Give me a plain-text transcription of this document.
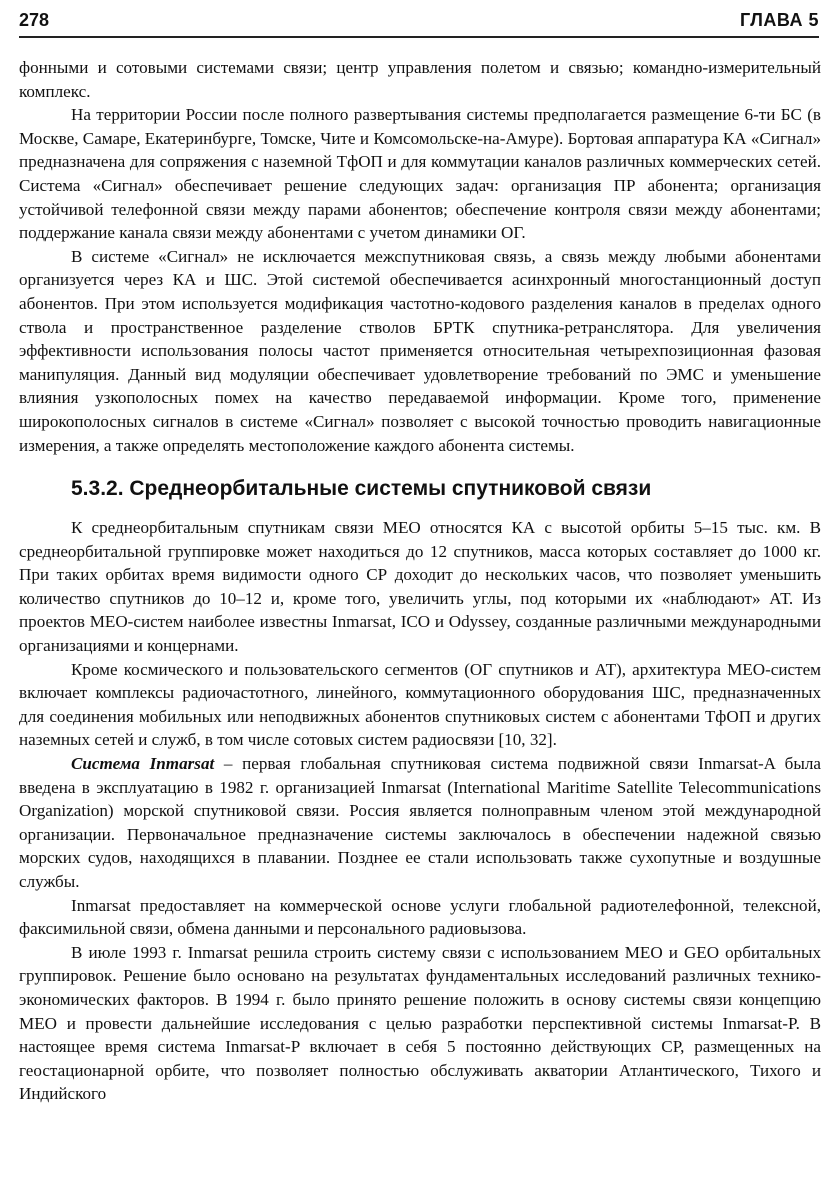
278	ГЛАВА 5

фонными и сотовыми системами связи; центр управления полетом и связью; командно-измерительный комплекс.

На территории России после полного развертывания системы предполагается размещение 6-ти БС (в Москве, Самаре, Екатеринбурге, Томске, Чите и Комсомольске-на-Амуре). Бортовая аппаратура КА «Сигнал» предназначена для сопряжения с наземной ТфОП и для коммутации каналов различных коммерческих сетей. Система «Сигнал» обеспечивает решение следующих задач: организация ПР абонента; организация устойчивой телефонной связи между парами абонентов; обеспечение контроля связи между абонентами; поддержание канала связи между абонентами с учетом динамики ОГ.

В системе «Сигнал» не исключается межспутниковая связь, а связь между любыми абонентами организуется через КА и ШС. Этой системой обеспечивается асинхронный многостанционный доступ абонентов. При этом используется модификация частотно-кодового разделения каналов в пределах одного ствола и пространственное разделение стволов БРТК спутника-ретранслятора. Для увеличения эффективности использования полосы частот применяется относительная четырехпозиционная фазовая манипуляция. Данный вид модуляции обеспечивает удовлетворение требований по ЭМС и уменьшение влияния узкополосных помех на качество передаваемой информации. Кроме того, применение широкополосных сигналов в системе «Сигнал» позволяет с высокой точностью проводить навигационные измерения, а также определять местоположение каждого абонента системы.

5.3.2. Среднеорбитальные системы спутниковой связи

К среднеорбитальным спутникам связи МЕО относятся КА с высотой орбиты 5–15 тыс. км. В среднеорбитальной группировке может находиться до 12 спутников, масса которых составляет до 1000 кг. При таких орбитах время видимости одного СР доходит до нескольких часов, что позволяет уменьшить количество спутников до 10–12 и, кроме того, увеличить углы, под которыми их «наблюдают» АТ. Из проектов МЕО-систем наиболее известны Inmarsat, ICO и Odyssey, созданные различными международными организациями и концернами.

Кроме космического и пользовательского сегментов (ОГ спутников и АТ), архитектура МЕО-систем включает комплексы радиочастотного, линейного, коммутационного оборудования ШС, предназначенных для соединения мобильных или неподвижных абонентов спутниковых систем с абонентами ТфОП и других наземных сетей и служб, в том числе сотовых систем радиосвязи [10, 32].

Система Inmarsat – первая глобальная спутниковая система подвижной связи Inmarsat-A была введена в эксплуатацию в 1982 г. организацией Inmarsat (International Maritime Satellite Telecommunications Organization) морской спутниковой связи. Россия является полноправным членом этой международной организации. Первоначальное предназначение системы заключалось в обеспечении надежной связью морских судов, находящихся в плавании. Позднее ее стали использовать также сухопутные и воздушные службы.

Inmarsat предоставляет на коммерческой основе услуги глобальной радиотелефонной, телексной, факсимильной связи, обмена данными и персонального радиовызова.

В июле 1993 г. Inmarsat решила строить систему связи с использованием МЕО и GEO орбитальных группировок. Решение было основано на результатах фундаментальных исследований различных технико-экономических факторов. В 1994 г. было принято решение положить в основу системы связи концепцию МЕО и провести дальнейшие исследования с целью разработки перспективной системы Inmarsat-P. В настоящее время система Inmarsat-P включает в себя 5 постоянно действующих СР, размещенных на геостационарной орбите, что позволяет полностью обслуживать акватории Атлантического, Тихого и Индийского
